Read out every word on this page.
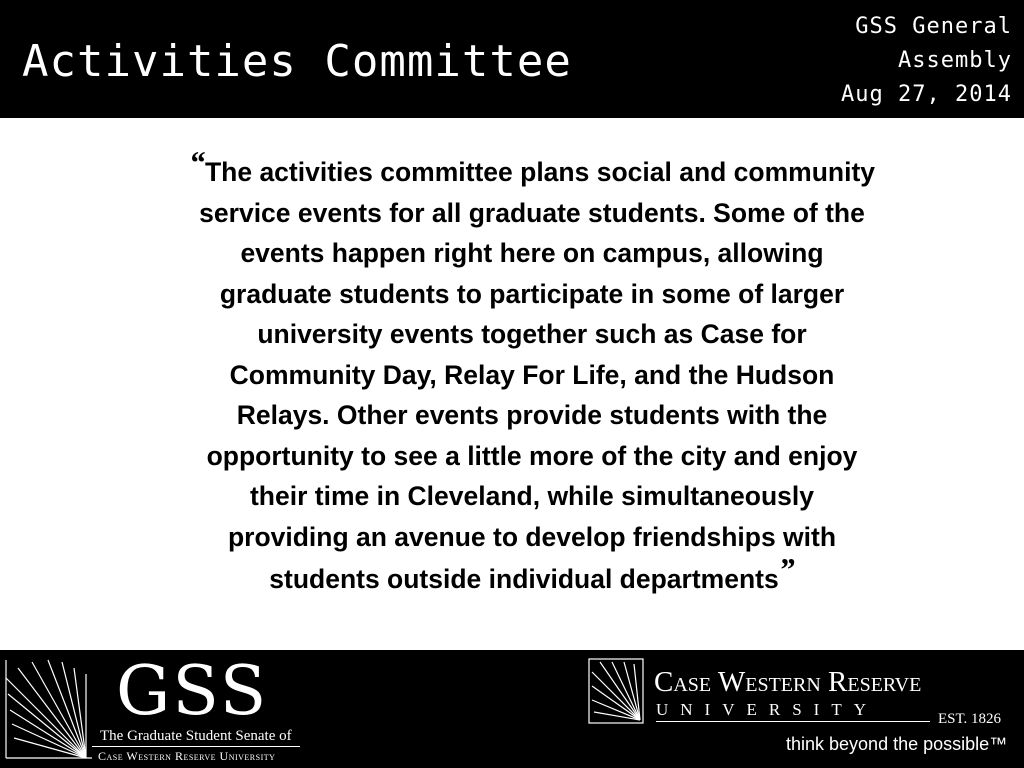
Activities Committee
GSS General
Assembly
Aug 27, 2014
“The activities committee plans social and community
service events for all graduate students. Some of the
events happen right here on campus, allowing
graduate students to participate in some of larger
university events together such as Case for
Community Day, Relay For Life, and the Hudson
Relays. Other events provide students with the
opportunity to see a little more of the city and enjoy
their time in Cleveland, while simultaneously
providing an avenue to develop friendships with
students outside individual departments”
GSS
The Graduate Student Senate of
Case Western Reserve University
Case Western Reserve
UNIVERSITY	EST. 1826
think beyond the possible™
